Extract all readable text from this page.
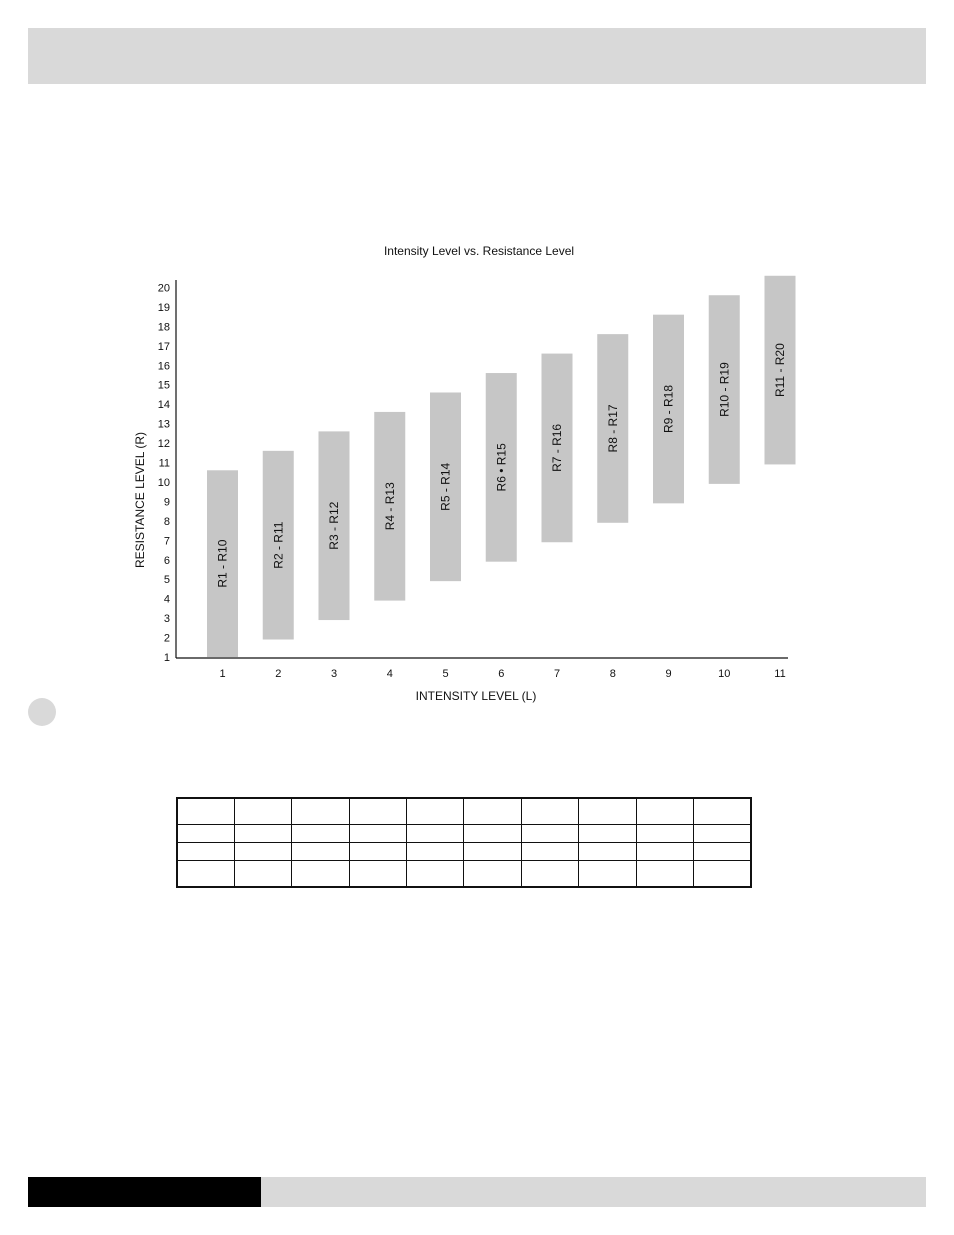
Intensity Level vs. Resistance Level
R1 - R10	R2 - R11	R3 - R12	R4 - R13	R5 - R14	R6 • R15	R7 - R16	R8 - R17	R9 - R18	R10 - R19	R11 - R20
1
2
3
4
5
6
7
8
9
10
11
12
13
14
15
16
17
18
19
20
1	2	3	4	5	6	7	8	9	10	11
RESISTANCE LEVEL (R)
INTENSITY LEVEL (L)
